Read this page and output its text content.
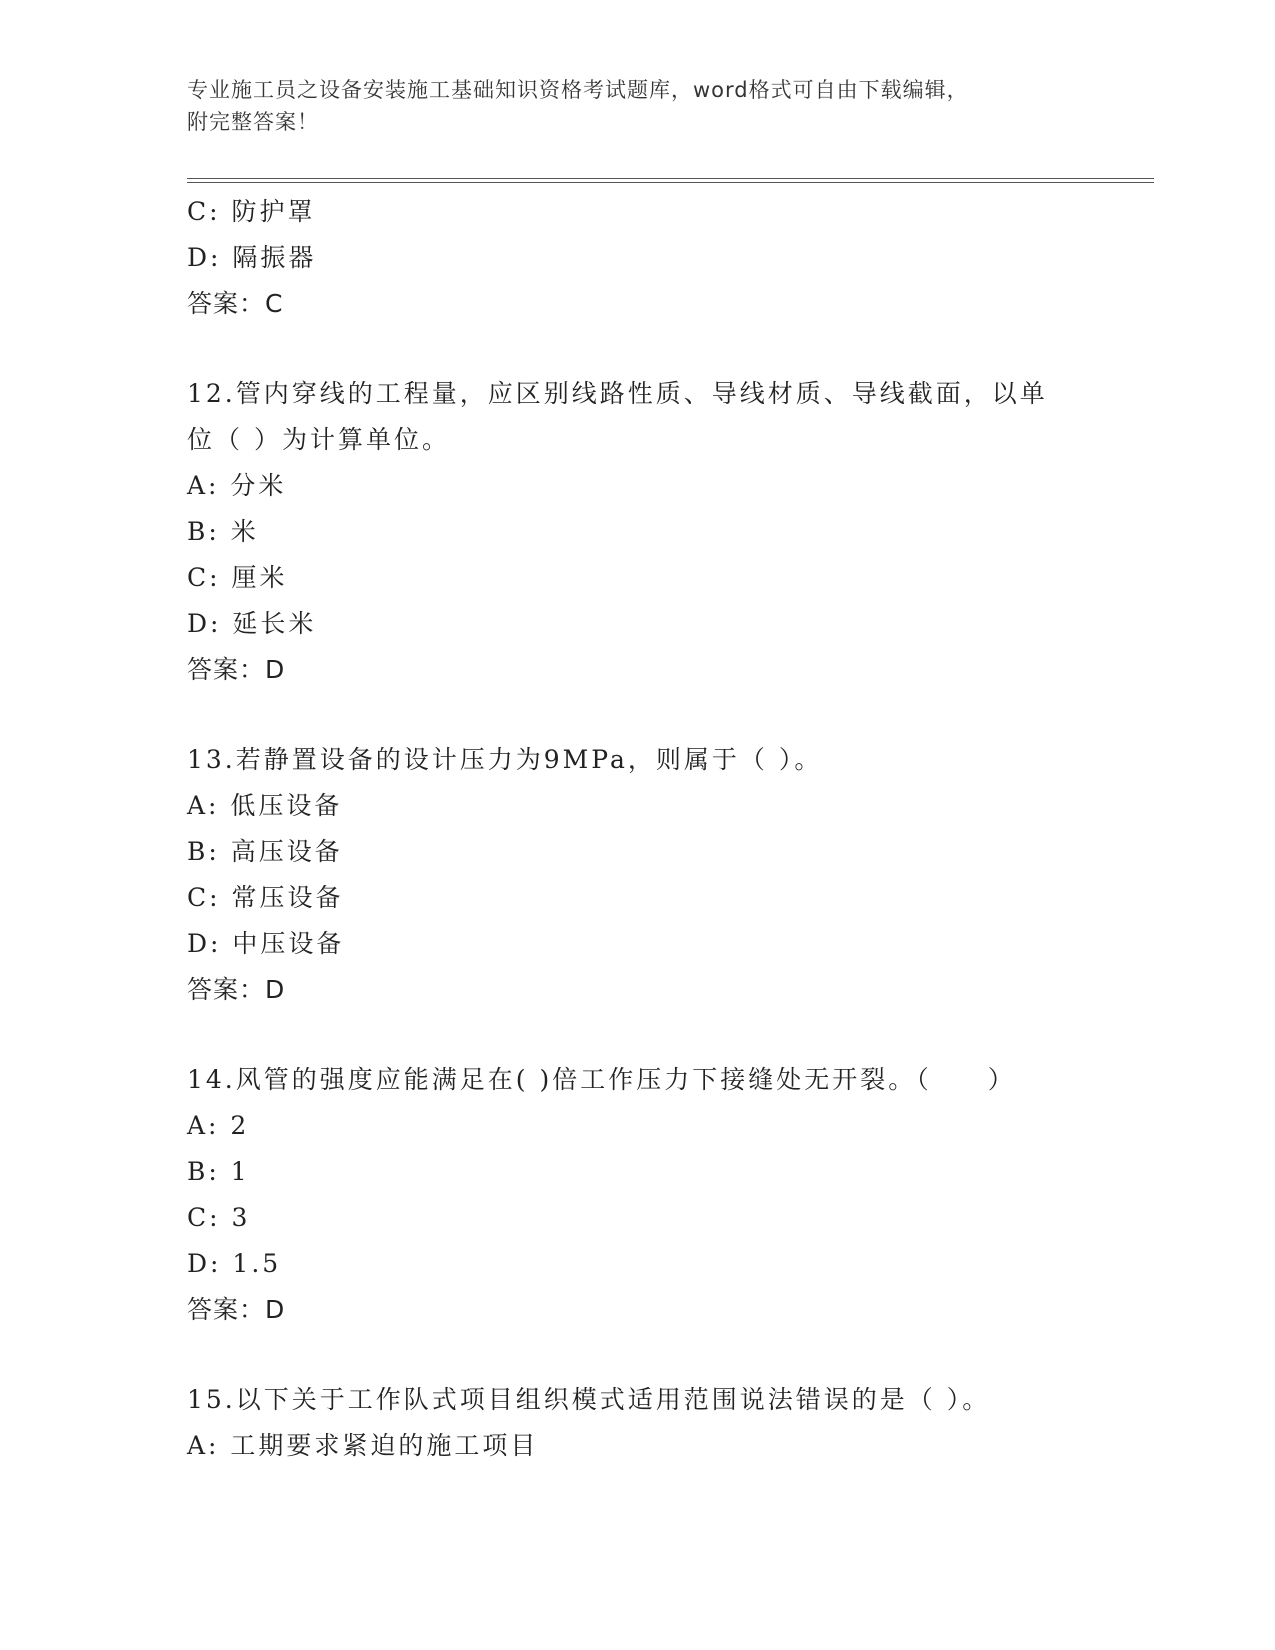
专业施工员之设备安装施工基础知识资格考试题库，word格式可自由下载编辑，
附完整答案！
C: 防护罩
D: 隔振器
答案：C
12.管内穿线的工程量，应区别线路性质、导线材质、导线截面，以单
位（ ）为计算单位。
A: 分米
B: 米
C: 厘米
D: 延长米
答案：D
13.若静置设备的设计压力为9MPa，则属于（ ）。
A: 低压设备
B: 高压设备
C: 常压设备
D: 中压设备
答案：D
14.风管的强度应能满足在( )倍工作压力下接缝处无开裂。（　　）
A: 2
B: 1
C: 3
D: 1.5
答案：D
15.以下关于工作队式项目组织模式适用范围说法错误的是（ ）。
A: 工期要求紧迫的施工项目
